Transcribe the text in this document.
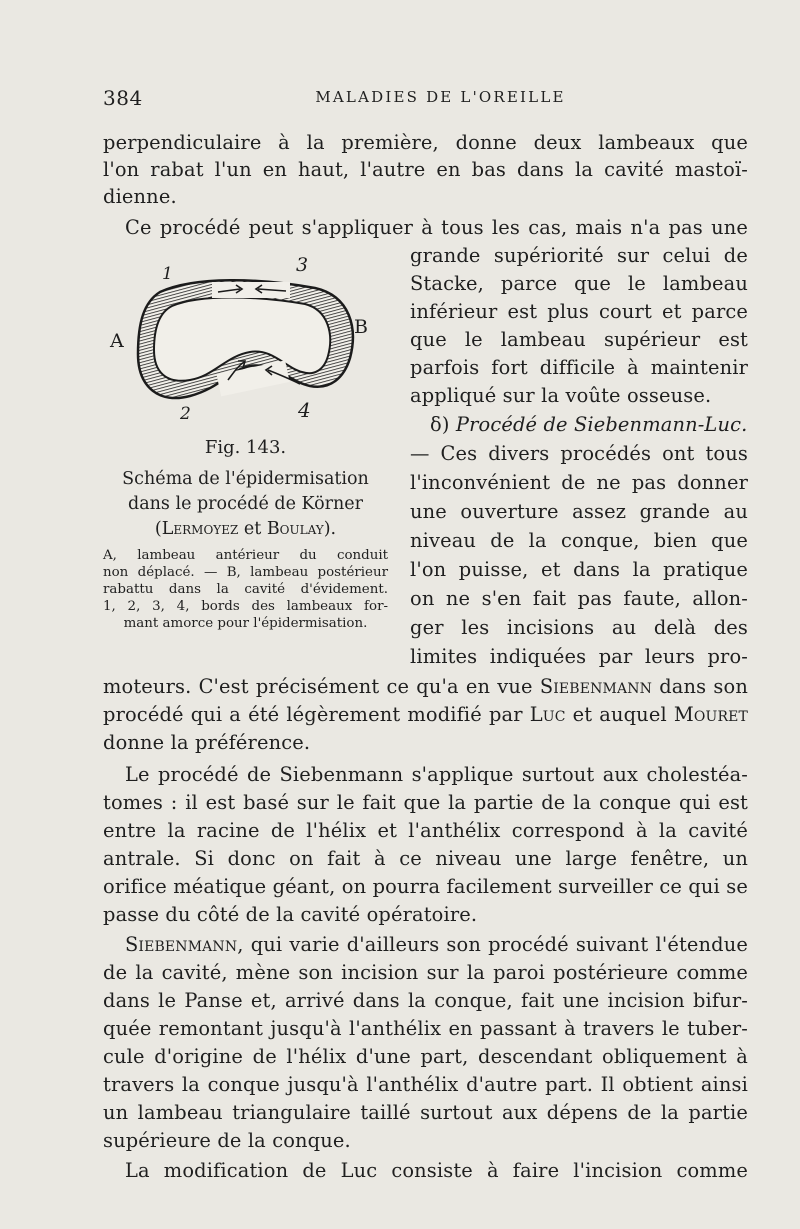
384	MALADIES DE L'OREILLE
perpendiculaire à la première, donne deux lambeaux que
l'on rabat l'un en haut, l'autre en bas dans la cavité mastoï-
dienne.
Ce procédé peut s'appliquer à tous les cas, mais n'a pas une
grande supériorité sur celui de
Stacke, parce que le lambeau
inférieur est plus court et parce
que le lambeau supérieur est
parfois fort difficile à maintenir
appliqué sur la voûte osseuse.
δ) Procédé de Siebenmann-Luc.
— Ces divers procédés ont tous
l'inconvénient de ne pas donner
une ouverture assez grande au
niveau de la conque, bien que
l'on puisse, et dans la pratique
on ne s'en fait pas faute, allon-
ger les incisions au delà des
limites indiquées par leurs pro-
moteurs. C'est précisément ce qu'a en vue Siebenmann dans son
procédé qui a été légèrement modifié par Luc et auquel Mouret
donne la préférence.
Le procédé de Siebenmann s'applique surtout aux cholestéa-
tomes : il est basé sur le fait que la partie de la conque qui est
entre la racine de l'hélix et l'anthélix correspond à la cavité
antrale. Si donc on fait à ce niveau une large fenêtre, un
orifice méatique géant, on pourra facilement surveiller ce qui se
passe du côté de la cavité opératoire.
Siebenmann, qui varie d'ailleurs son procédé suivant l'étendue
de la cavité, mène son incision sur la paroi postérieure comme
dans le Panse et, arrivé dans la conque, fait une incision bifur-
quée remontant jusqu'à l'anthélix en passant à travers le tuber-
cule d'origine de l'hélix d'une part, descendant obliquement à
travers la conque jusqu'à l'anthélix d'autre part. Il obtient ainsi
un lambeau triangulaire taillé surtout aux dépens de la partie
supérieure de la conque.
La modification de Luc consiste à faire l'incision comme
1	3
A
B
2	4
Fig. 143.
Schéma de l'épidermisation
dans le procédé de Körner
(Lermoyez et Boulay).
A, lambeau antérieur du conduit
non déplacé. — B, lambeau postérieur
rabattu dans la cavité d'évidement.
1, 2, 3, 4, bords des lambeaux for-
mant amorce pour l'épidermisation.
